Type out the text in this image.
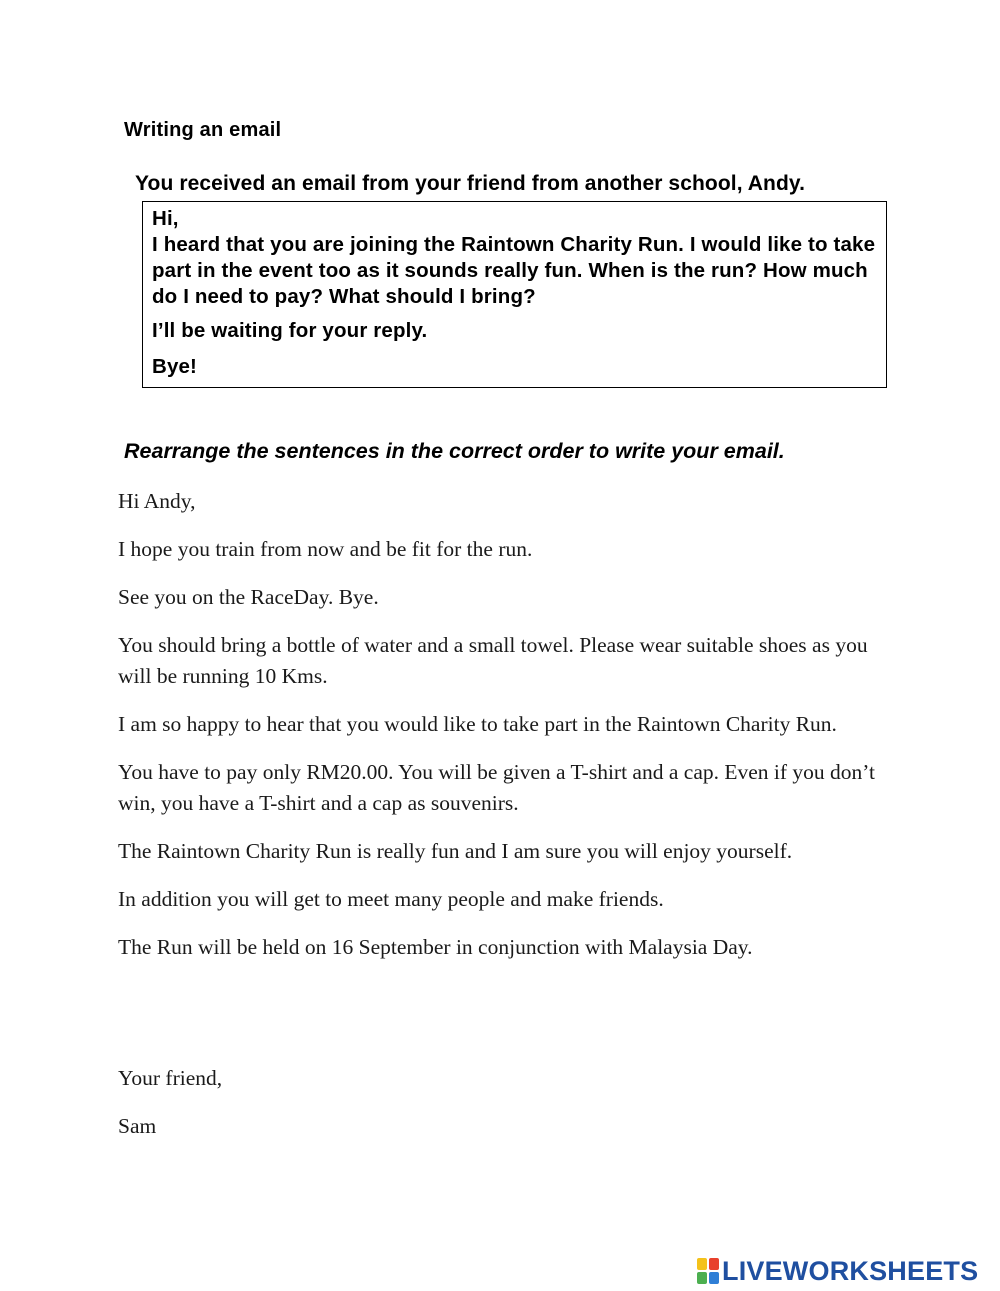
Writing an email
You received an email from your friend from another school, Andy.

Hi,

I heard that you are joining the Raintown Charity Run. I would like to take part in the event too as it sounds really fun. When is the run? How much do I need to pay? What should I bring?

I’ll be waiting for your reply.

Bye!

Rearrange the sentences in the correct order to write your email.

Hi Andy,

I hope you train from now and be fit for the run.

See you on the RaceDay. Bye.

You should bring a bottle of water and a small towel. Please wear suitable shoes as you will be running 10 Kms.

I am so happy to hear that you would like to take part in the Raintown Charity Run.

You have to pay only RM20.00. You will be given a T-shirt and a cap. Even if you don’t win, you have a T-shirt and a cap as souvenirs.

The Raintown Charity Run is really fun and I am sure you will enjoy yourself.

In addition you will get to meet many people and make friends.

The Run will be held on 16 September in conjunction with Malaysia Day.

Your friend,
Sam
LIVEWORKSHEETS
